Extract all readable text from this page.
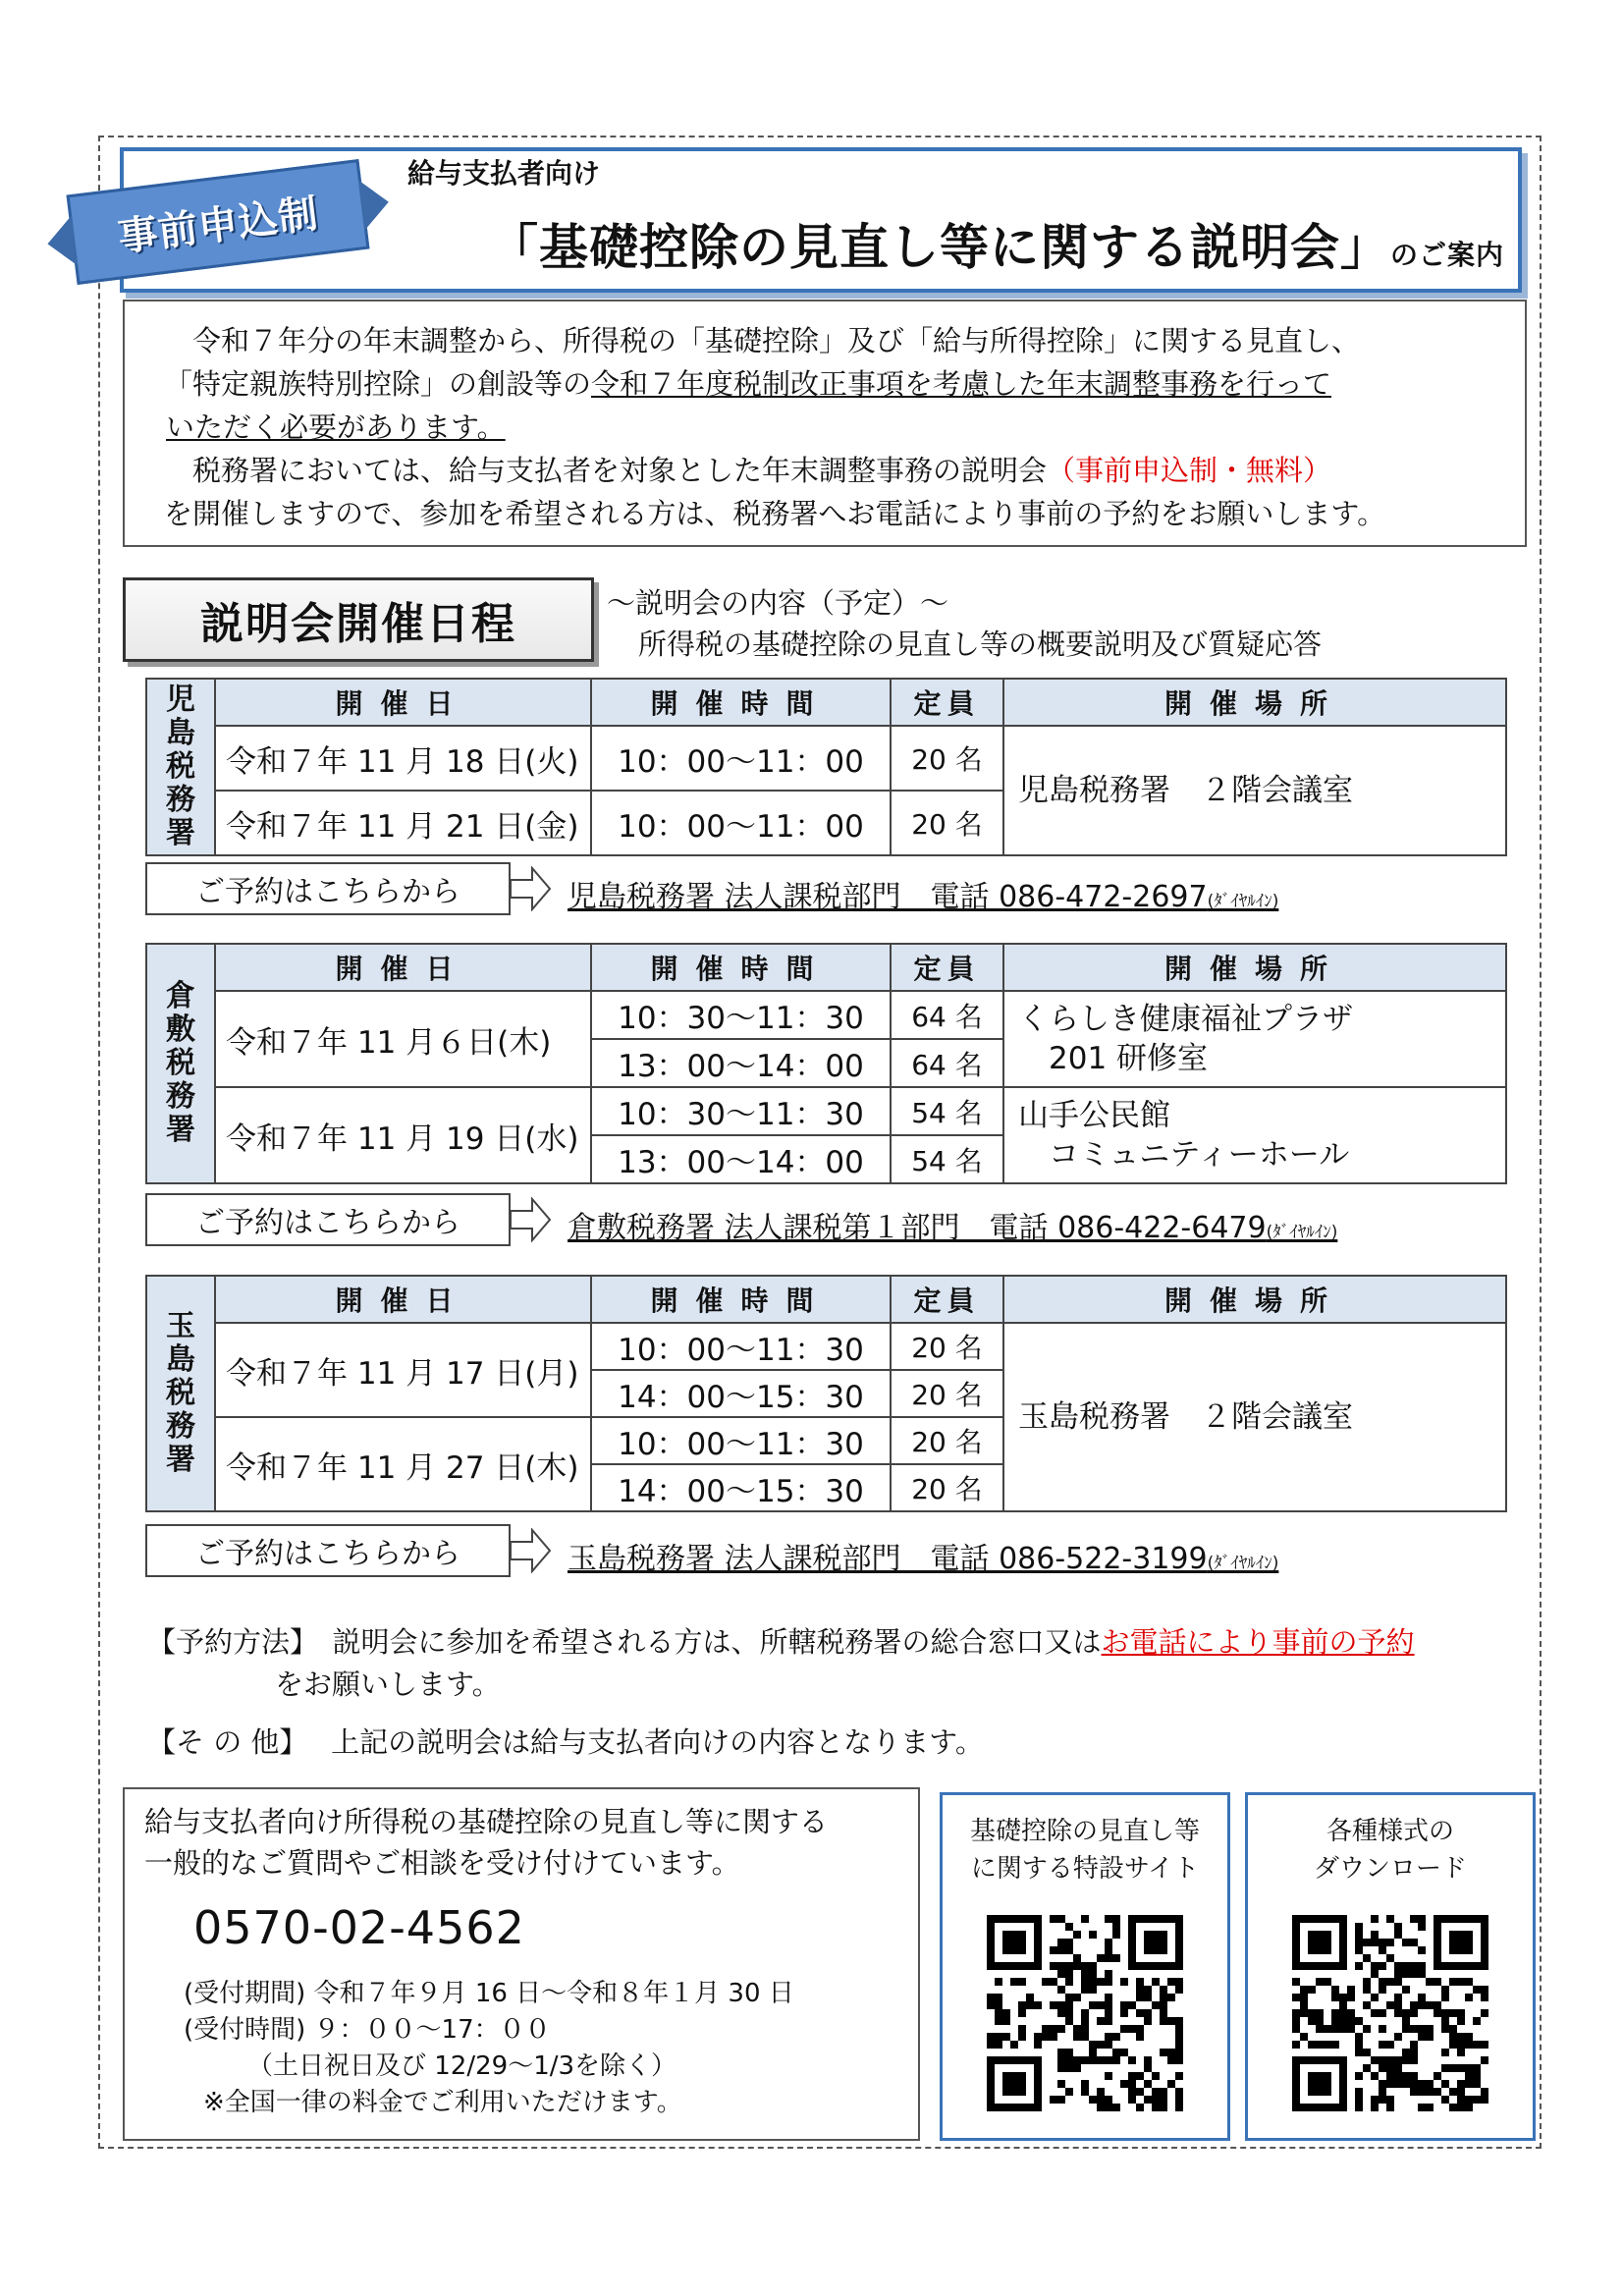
事前申込制
給与支払者向け
「基礎控除の見直し等に関する説明会」のご案内

　令和７年分の年末調整から、所得税の「基礎控除」及び「給与所得控除」に関する見直し、

「特定親族特別控除」の創設等の令和７年度税制改正事項を考慮した年末調整事務を行って

いただく必要があります。

　税務署においては、給与支払者を対象とした年末調整事務の説明会（事前申込制・無料）

を開催しますので、参加を希望される方は、税務署へお電話により事前の予約をお願いします。

説明会開催日程	～説明会の内容（予定）～
所得税の基礎控除の見直し等の概要説明及び質疑応答
児
島
税
務
署	開催日	開催時間	定員	開催場所
	令和７年 11 月 18 日(火)	10：00～11：00	20 名	児島税務署　２階会議室
	令和７年 11 月 21 日(金)	10：00～11：00	20 名	
ご予約はこちらから	児島税務署 法人課税部門　電話 086-472-2697(ﾀﾞｲﾔﾙｲﾝ)
倉
敷
税
務
署	開催日	開催時間	定員	開催場所
	令和７年 11 月６日(木)	10：30～11：30	64 名	くらしき健康福祉プラザ
　201 研修室

		13：00～14：00	64 名	
	令和７年 11 月 19 日(水)	10：30～11：30	54 名	山手公民館
　コミュニティーホール

		13：00～14：00	54 名	
ご予約はこちらから	倉敷税務署 法人課税第１部門　電話 086-422-6479(ﾀﾞｲﾔﾙｲﾝ)
玉
島
税
務
署	開催日	開催時間	定員	開催場所
	令和７年 11 月 17 日(月)	10：00～11：30	20 名	玉島税務署　２階会議室
		14：00～15：30	20 名	
	令和７年 11 月 27 日(木)	10：00～11：30	20 名	
		14：00～15：30	20 名	
ご予約はこちらから	玉島税務署 法人課税部門　電話 086-522-3199(ﾀﾞｲﾔﾙｲﾝ)
【予約方法】　 説明会に参加を希望される方は、所轄税務署の総合窓口又はお電話により事前の予約
をお願いします。
【そ の 他】　 上記の説明会は給与支払者向けの内容となります。
給与支払者向け所得税の基礎控除の見直し等に関する
一般的なご質問やご相談を受け付けています。
0570-02-4562
(受付期間) 令和７年９月 16 日～令和８年１月 30 日
(受付時間) ９：００～17：００
　　　（土日祝日及び 12/29～1/3を除く）
※全国一律の料金でご利用いただけます。
基礎控除の見直し等
に関する特設サイト
各種様式の
ダウンロード
